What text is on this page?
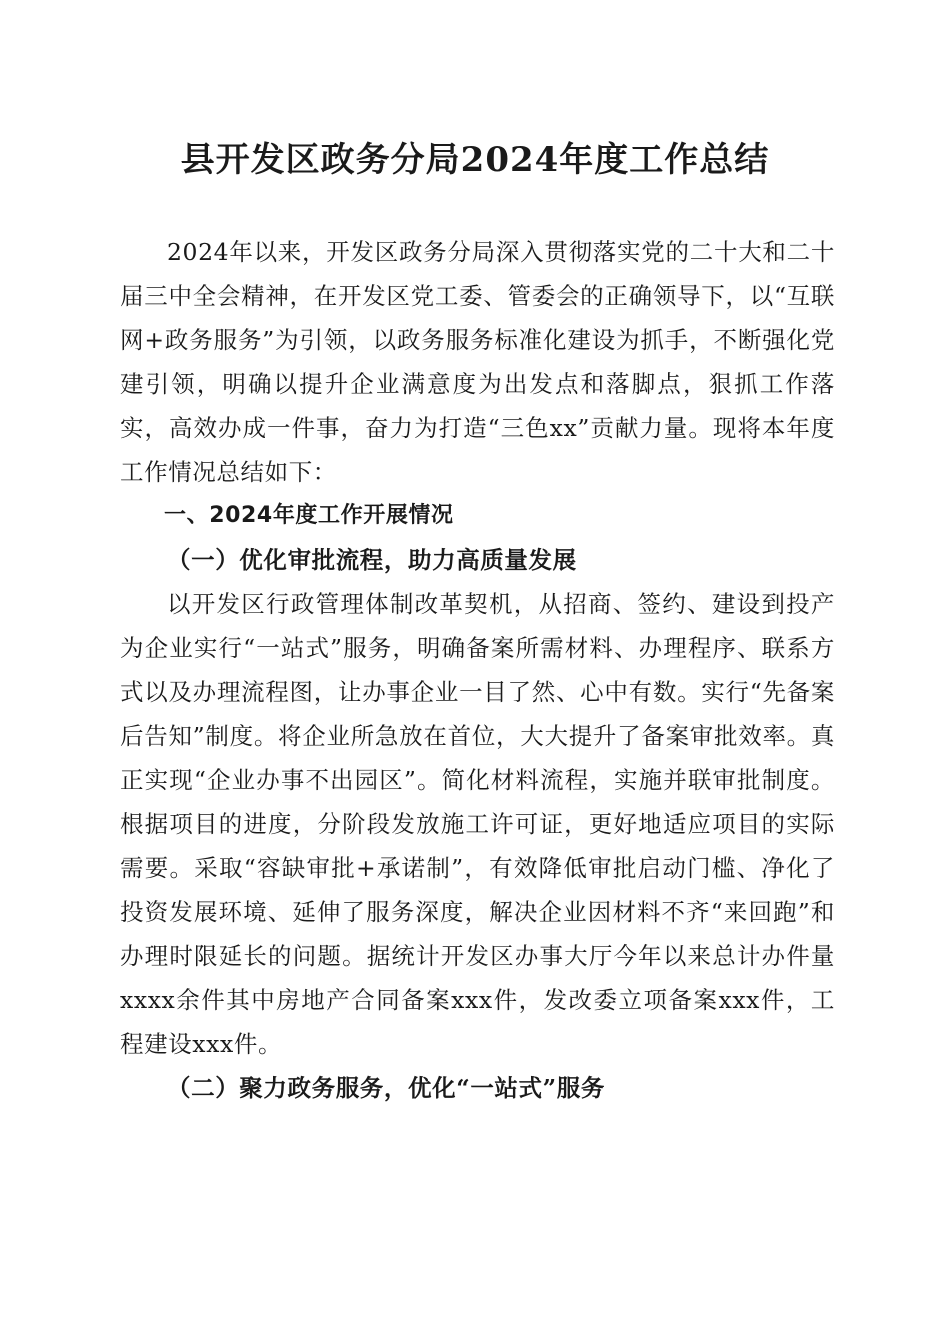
县开发区政务分局2024年度工作总结

2024年以来，开发区政务分局深入贯彻落实党的二十大和二十届三中全会精神，在开发区党工委、管委会的正确领导下，以“互联网+政务服务”为引领，以政务服务标准化建设为抓手，不断强化党建引领，明确以提升企业满意度为出发点和落脚点，狠抓工作落实，高效办成一件事，奋力为打造“三色xx”贡献力量。现将本年度工作情况总结如下：

一、2024年度工作开展情况

（一）优化审批流程，助力高质量发展

以开发区行政管理体制改革契机，从招商、签约、建设到投产为企业实行“一站式”服务，明确备案所需材料、办理程序、联系方式以及办理流程图，让办事企业一目了然、心中有数。实行“先备案后告知”制度。将企业所急放在首位，大大提升了备案审批效率。真正实现“企业办事不出园区”。简化材料流程，实施并联审批制度。根据项目的进度，分阶段发放施工许可证，更好地适应项目的实际需要。采取“容缺审批+承诺制”，有效降低审批启动门槛、净化了投资发展环境、延伸了服务深度，解决企业因材料不齐“来回跑”和办理时限延长的问题。据统计开发区办事大厅今年以来总计办件量xxxx余件其中房地产合同备案xxx件，发改委立项备案xxx件，工程建设xxx件。

（二）聚力政务服务，优化“一站式”服务
